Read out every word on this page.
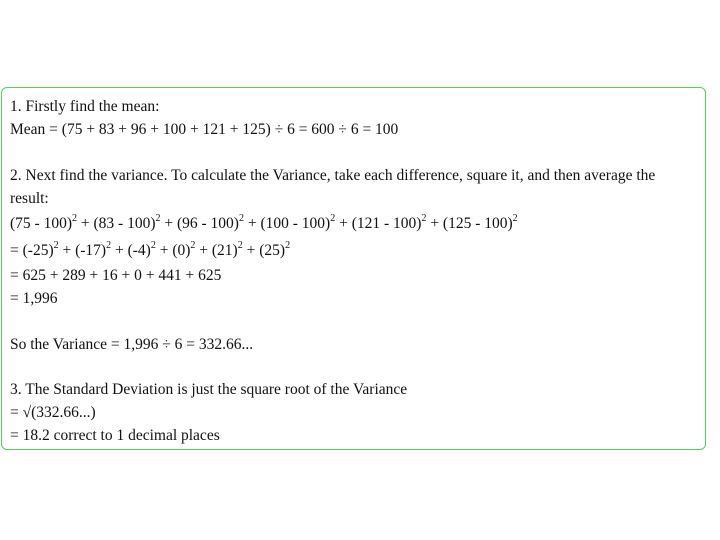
1. Firstly find the mean:

Mean = (75 + 83 + 96 + 100 + 121 + 125) ÷ 6 = 600 ÷ 6 = 100

2. Next find the variance. To calculate the Variance, take each difference, square it, and then average the

result:

(75 - 100)$^2$ + (83 - 100)$^2$ + (96 - 100)$^2$ + (100 - 100)$^2$ + (121 - 100)$^2$ + (125 - 100)$^2$

= $(-25)^2 + (-17)^2 + (-4)^2 + (0)^2 + (21)^2 + (25)^2$

= 625 + 289 + 16 + 0 + 441 + 625

= 1,996

So the Variance = 1,996 ÷ 6 = 332.66...

3. The Standard Deviation is just the square root of the Variance

= √(332.66...)

= 18.2 correct to 1 decimal places
